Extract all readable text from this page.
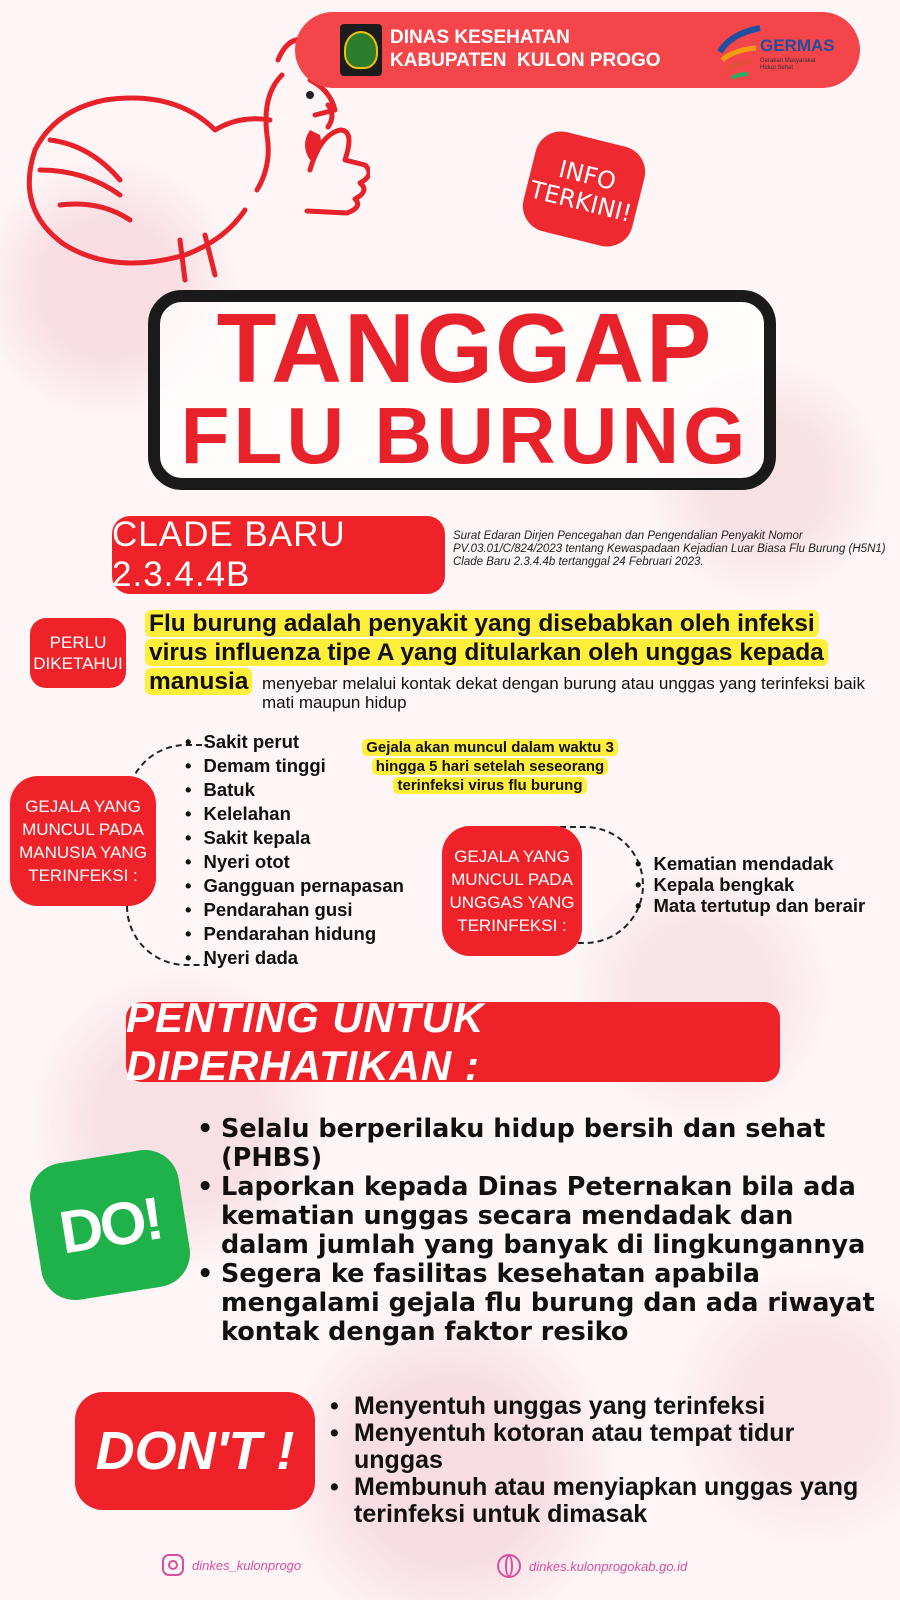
DINAS KESEHATAN
KABUPATEN  KULON PROGO
GERMAS
Gerakan Masyarakat Hidup Sehat
INFO TERKINI!
TANGGAP
FLU BURUNG
CLADE BARU 2.3.4.4B
Surat Edaran Dirjen Pencegahan dan Pengendalian Penyakit Nomor PV.03.01/C/824/2023 tentang Kewaspadaan Kejadian Luar Biasa Flu Burung (H5N1) Clade Baru 2.3.4.4b tertanggal 24 Februari 2023.
PERLU DIKETAHUI
Flu burung adalah penyakit yang disebabkan oleh infeksi virus influenza tipe A yang ditularkan oleh unggas kepada manusia menyebar melalui kontak dekat dengan burung atau unggas yang terinfeksi baik mati maupun hidup
GEJALA YANG MUNCUL PADA MANUSIA YANG TERINFEKSI :
• Sakit perut
• Demam tinggi
• Batuk
• Kelelahan
• Sakit kepala
• Nyeri otot
• Gangguan pernapasan
• Pendarahan gusi
• Pendarahan hidung
• Nyeri dada
Gejala akan muncul dalam waktu 3 hingga 5 hari setelah seseorang terinfeksi virus flu burung
GEJALA YANG MUNCUL PADA UNGGAS YANG TERINFEKSI :
• Kematian mendadak
• Kepala bengkak
• Mata tertutup dan berair
PENTING UNTUK DIPERHATIKAN :
DO!
• Selalu berperilaku hidup bersih dan sehat (PHBS)
• Laporkan kepada Dinas Peternakan bila ada kematian unggas secara mendadak dan dalam jumlah yang banyak di lingkungannya
• Segera ke fasilitas kesehatan apabila mengalami gejala flu burung dan ada riwayat kontak dengan faktor resiko
DON'T !
• Menyentuh unggas yang terinfeksi
• Menyentuh kotoran atau tempat tidur unggas
• Membunuh atau menyiapkan unggas yang terinfeksi untuk dimasak
dinkes_kulonprogo	dinkes.kulonprogokab.go.id
